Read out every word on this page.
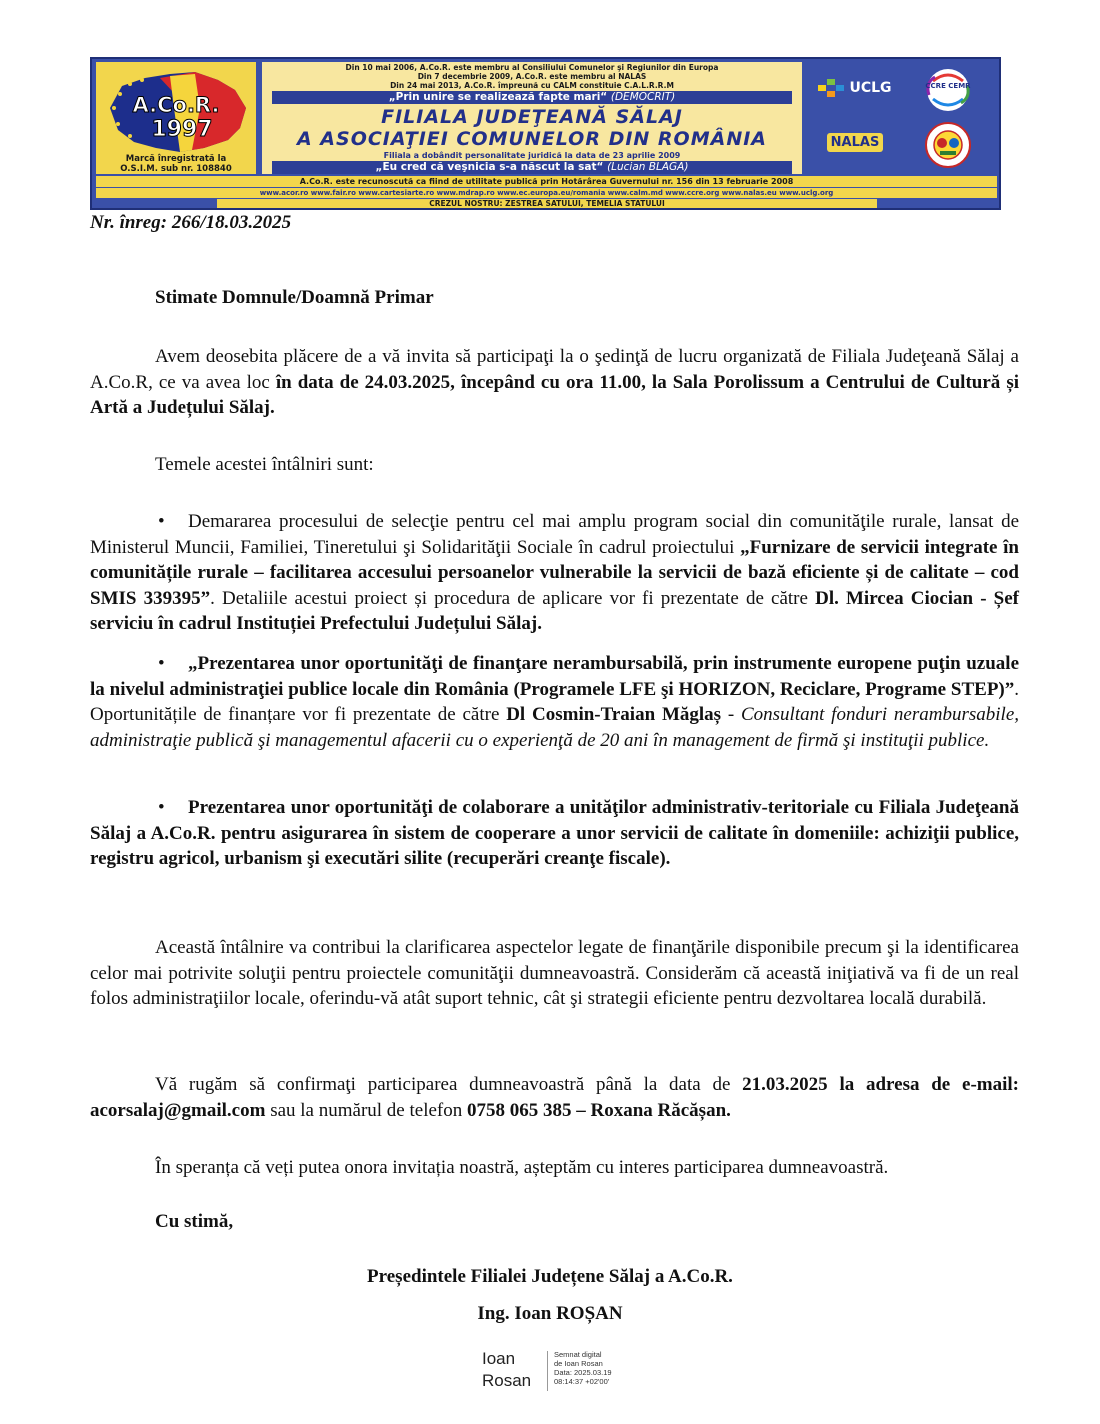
A.Co.R.
1997
Marcă înregistrată la
O.S.I.M. sub nr. 108840
Din 10 mai 2006, A.Co.R. este membru al Consiliului Comunelor şi Regiunilor din Europa
Din 7 decembrie 2009, A.Co.R. este membru al NALAS
Din 24 mai 2013, A.Co.R. împreună cu CALM constituie C.A.L.R.R.M
„Prin unire se realizează fapte mari“ (DEMOCRIT)
FILIALA JUDEŢEANĂ SĂLAJ
A ASOCIAŢIEI COMUNELOR DIN ROMÂNIA
Filiala a dobândit personalitate juridică la data de 23 aprilie 2009
„Eu cred că veşnicia s-a născut la sat“ (Lucian BLAGA)
UCLG	CCRE CEMR
NALAS
A.Co.R. este recunoscută ca fiind de utilitate publică prin Hotărârea Guvernului nr. 156 din 13 februarie 2008
www.acor.ro www.fair.ro www.cartesiarte.ro www.mdrap.ro www.ec.europa.eu/romania www.calm.md www.ccre.org www.nalas.eu www.uclg.org
CREZUL NOSTRU: ZESTREA SATULUI, TEMELIA STATULUI
Nr. înreg: 266/18.03.2025
Stimate Domnule/Doamnă Primar
Avem deosebita plăcere de a vă invita să participaţi la o şedinţă de lucru organizată de Filiala Judeţeană Sălaj a A.Co.R, ce va avea loc în data de 24.03.2025, începând cu ora 11.00, la Sala Porolissum a Centrului de Cultură și Artă a Județului Sălaj.
Temele acestei întâlniri sunt:
• Demararea procesului de selecţie pentru cel mai amplu program social din comunităţile rurale, lansat de Ministerul Muncii, Familiei, Tineretului şi Solidarităţii Sociale în cadrul proiectului „Furnizare de servicii integrate în comunitățile rurale – facilitarea accesului persoanelor vulnerabile la servicii de bază eficiente și de calitate – cod SMIS 339395”. Detaliile acestui proiect și procedura de aplicare vor fi prezentate de către Dl. Mircea Ciocian - Șef serviciu în cadrul Instituției Prefectului Județului Sălaj.
• „Prezentarea unor oportunităţi de finanţare nerambursabilă, prin instrumente europene puţin uzuale la nivelul administraţiei publice locale din România (Programele LFE şi HORIZON, Reciclare, Programe STEP)”. Oportunitățile de finanțare vor fi prezentate de către Dl Cosmin-Traian Măglaș - Consultant fonduri nerambursabile, administraţie publică şi managementul afacerii cu o experienţă de 20 ani în management de firmă şi instituţii publice.
• Prezentarea unor oportunităţi de colaborare a unităţilor administrativ-teritoriale cu Filiala Judeţeană Sălaj a A.Co.R. pentru asigurarea în sistem de cooperare a unor servicii de calitate în domeniile: achiziţii publice, registru agricol, urbanism şi executări silite (recuperări creanţe fiscale).
Această întâlnire va contribui la clarificarea aspectelor legate de finanţările disponibile precum şi la identificarea celor mai potrivite soluţii pentru proiectele comunităţii dumneavoastră. Considerăm că această iniţiativă va fi de un real folos administraţiilor locale, oferindu-vă atât suport tehnic, cât şi strategii eficiente pentru dezvoltarea locală durabilă.
Vă rugăm să confirmaţi participarea dumneavoastră până la data de 21.03.2025 la adresa de e-mail: acorsalaj@gmail.com sau la numărul de telefon 0758 065 385 – Roxana Răcășan.
În speranța că veți putea onora invitația noastră, așteptăm cu interes participarea dumneavoastră.
Cu stimă,
Președintele Filialei Județene Sălaj a A.Co.R.
Ing. Ioan ROȘAN
Ioan
Rosan
Semnat digital
de Ioan Rosan
Data: 2025.03.19
08:14:37 +02'00'
